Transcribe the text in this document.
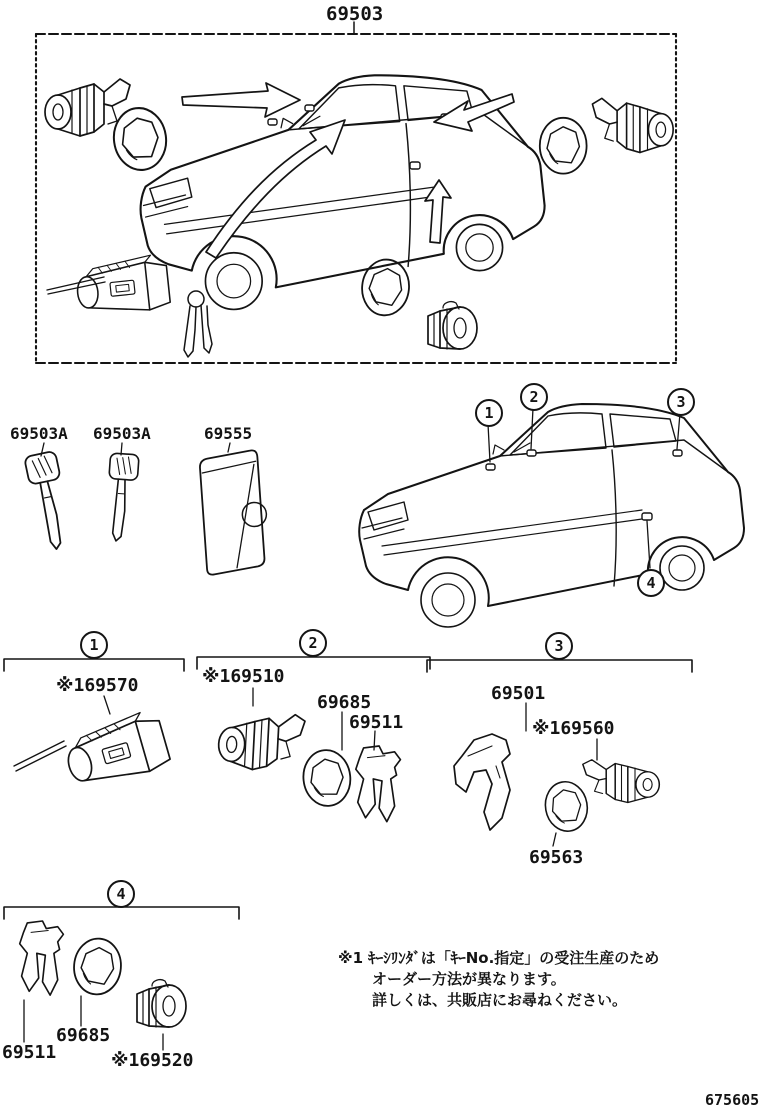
69503
69503A 69503A	69555
1
2	3
4
1	2	3
4
※169570	※169510
69685
69511
69501
※169560
69563
69511
69685
※169520
※1 ｷｰｼﾘﾝﾀﾞは「ｷｰNo.指定」の受注生産のため
オーダー方法が異なります。
詳しくは、共販店にお尋ねください。
675605
